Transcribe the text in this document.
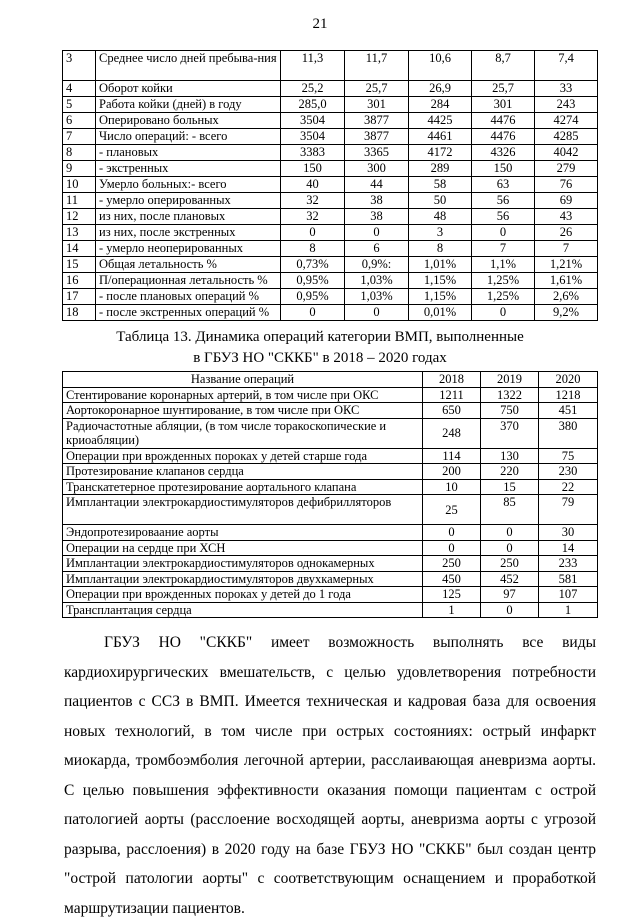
21
3	Среднее число дней пребыва-ния	11,3	11,7	10,6	8,7	7,4
4	Оборот койки	25,2	25,7	26,9	25,7	33
5	Работа койки (дней) в году	285,0	301	284	301	243
6	Оперировано больных	3504	3877	4425	4476	4274
7	Число операций: - всего	3504	3877	4461	4476	4285
8	- плановых	3383	3365	4172	4326	4042
9	- экстренных	150	300	289	150	279
10	Умерло больных:- всего	40	44	58	63	76
11	- умерло оперированных	32	38	50	56	69
12	из них, после плановых	32	38	48	56	43
13	из них, после экстренных	0	0	3	0	26
14	- умерло неоперированных	8	6	8	7	7
15	Общая летальность %	0,73%	0,9%:	1,01%	1,1%	1,21%
16	П/операционная летальность %	0,95%	1,03%	1,15%	1,25%	1,61%
17	- после плановых операций %	0,95%	1,03%	1,15%	1,25%	2,6%
18	- после экстренных операций %	0	0	0,01%	0	9,2%
Таблица 13. Динамика операций категории ВМП, выполненные
в ГБУЗ НО "СККБ" в 2018 – 2020 годах
Название операций	2018	2019	2020
Стентирование коронарных артерий, в том числе при ОКС	1211	1322	1218
Аортокоронарное шунтирование, в том числе при ОКС	650	750	451
Радиочастотные абляции, (в том числе торакоскопические и криоабляции)	248	370	380
Операции при врожденных пороках у детей старше года	114	130	75
Протезирование клапанов сердца	200	220	230
Транскатетерное протезирование аортального клапана	10	15	22
Имплантации электрокардиостимуляторов дефибрилляторов	25	85	79
Эндопротезироваание аорты	0	0	30
Операции на сердце при ХСН	0	0	14
Имплантации электрокардиостимуляторов однокамерных	250	250	233
Имплантации электрокардиостимуляторов двухкамерных	450	452	581
Операции при врожденных пороках у детей до 1 года	125	97	107
Трансплантация сердца	1	0	1
ГБУЗ НО "СККБ" имеет возможность выполнять все виды кардиохирургических вмешательств, с целью удовлетворения потребности пациентов с ССЗ в ВМП. Имеется техническая и кадровая база для освоения новых технологий, в том числе при острых состояниях: острый инфаркт миокарда, тромбоэмболия легочной артерии, расслаивающая аневризма аорты. С целью повышения эффективности оказания помощи пациентам с острой патологией аорты (расслоение восходящей аорты, аневризма аорты с угрозой разрыва, расслоения) в 2020 году на базе ГБУЗ НО "СККБ" был создан центр "острой патологии аорты" с соответствующим оснащением и проработкой маршрутизации пациентов.
